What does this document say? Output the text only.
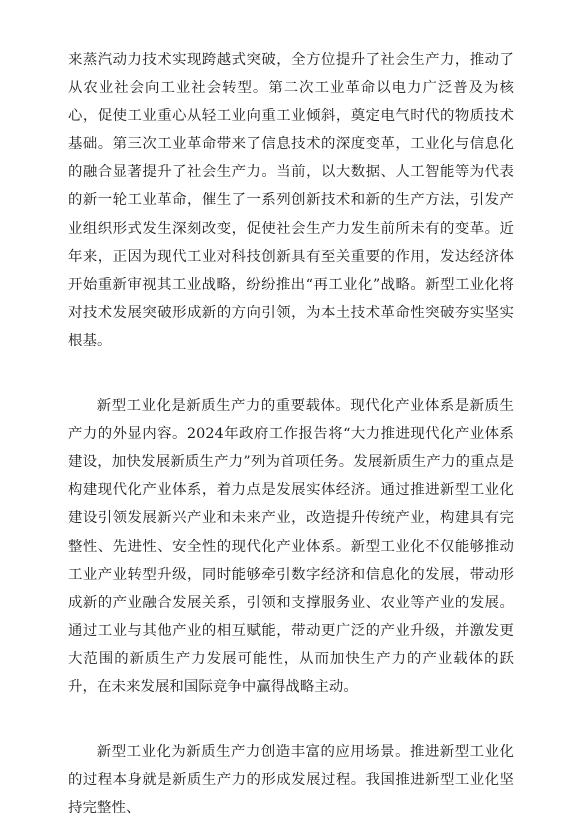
来蒸汽动力技术实现跨越式突破，全方位提升了社会生产力，推动了从农业社会向工业社会转型。第二次工业革命以电力广泛普及为核心，促使工业重心从轻工业向重工业倾斜，奠定电气时代的物质技术基础。第三次工业革命带来了信息技术的深度变革，工业化与信息化的融合显著提升了社会生产力。当前，以大数据、人工智能等为代表的新一轮工业革命，催生了一系列创新技术和新的生产方法，引发产业组织形式发生深刻改变，促使社会生产力发生前所未有的变革。近年来，正因为现代工业对科技创新具有至关重要的作用，发达经济体开始重新审视其工业战略，纷纷推出“再工业化”战略。新型工业化将对技术发展突破形成新的方向引领，为本土技术革命性突破夯实坚实根基。

新型工业化是新质生产力的重要载体。现代化产业体系是新质生产力的外显内容。2024年政府工作报告将“大力推进现代化产业体系建设，加快发展新质生产力”列为首项任务。发展新质生产力的重点是构建现代化产业体系，着力点是发展实体经济。通过推进新型工业化建设引领发展新兴产业和未来产业，改造提升传统产业，构建具有完整性、先进性、安全性的现代化产业体系。新型工业化不仅能够推动工业产业转型升级，同时能够牵引数字经济和信息化的发展，带动形成新的产业融合发展关系，引领和支撑服务业、农业等产业的发展。通过工业与其他产业的相互赋能，带动更广泛的产业升级，并激发更大范围的新质生产力发展可能性，从而加快生产力的产业载体的跃升，在未来发展和国际竞争中赢得战略主动。

新型工业化为新质生产力创造丰富的应用场景。推进新型工业化的过程本身就是新质生产力的形成发展过程。我国推进新型工业化坚持完整性、
